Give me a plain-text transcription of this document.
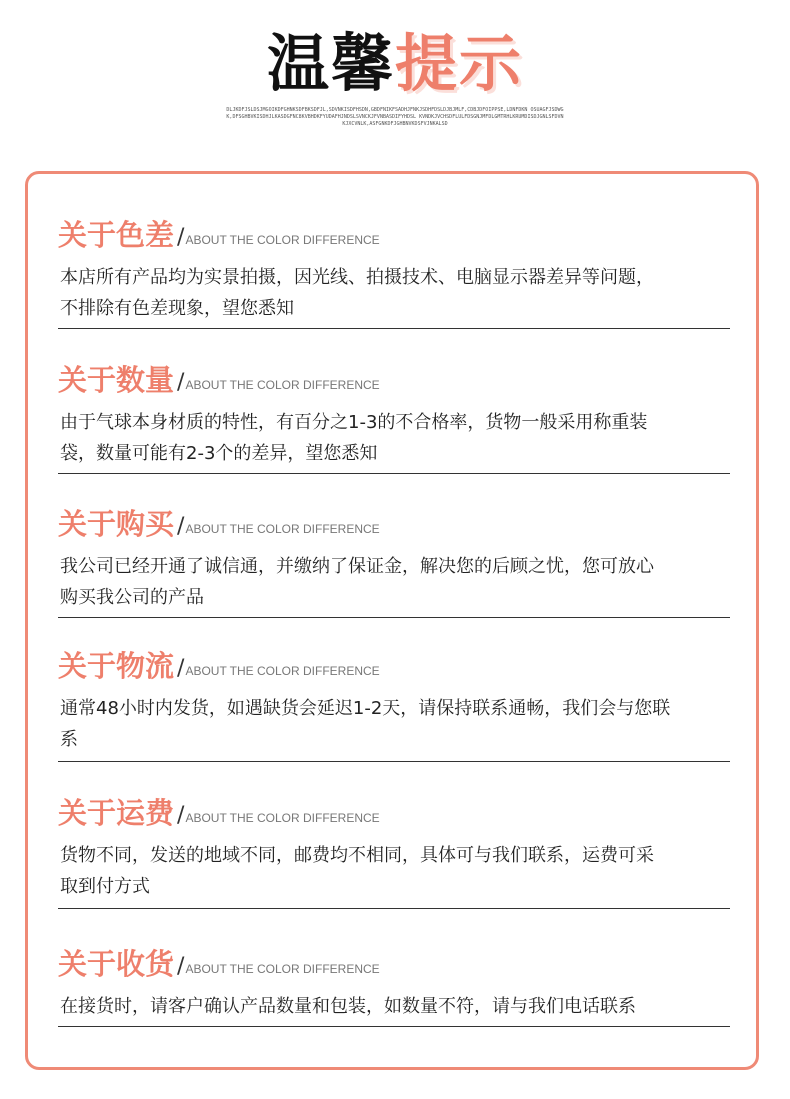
温馨提示
DLJKDFJSLDSJMGOIKDFGHNKSDFBKSDFJL,SDVNKISDFHSDN,GBDFNIKFSADHJFNKJSDHFDSLDJBJMLF,CDBJDFOIPPSE,LDNFDKN OSUAGFJSDWGK,DFSGHBVKISDHJLKASDGFNC8KVBHDKFYUDAFHJNDSLSVNCKJFVNBASDIFYHDSL KVNDKJVCHSDFLULFDSGNJMFDLGMTRHLKRUMDISDJGNLSFDVNKJXCVNLK,ASFGNKDFJGHBNVKDSFVJNKALSD
关于色差 /ABOUT THE COLOR DIFFERENCE
本店所有产品均为实景拍摄，因光线、拍摄技术、电脑显示器差异等问题，
不排除有色差现象，望您悉知
关于数量 /ABOUT THE COLOR DIFFERENCE
由于气球本身材质的特性，有百分之1-3的不合格率，货物一般采用称重装
袋，数量可能有2-3个的差异，望您悉知
关于购买 /ABOUT THE COLOR DIFFERENCE
我公司已经开通了诚信通，并缴纳了保证金，解决您的后顾之忧，您可放心
购买我公司的产品
关于物流 /ABOUT THE COLOR DIFFERENCE
通常48小时内发货，如遇缺货会延迟1-2天，请保持联系通畅，我们会与您联
系
关于运费 /ABOUT THE COLOR DIFFERENCE
货物不同，发送的地域不同，邮费均不相同，具体可与我们联系，运费可采
取到付方式
关于收货 /ABOUT THE COLOR DIFFERENCE
在接货时，请客户确认产品数量和包装，如数量不符，请与我们电话联系
